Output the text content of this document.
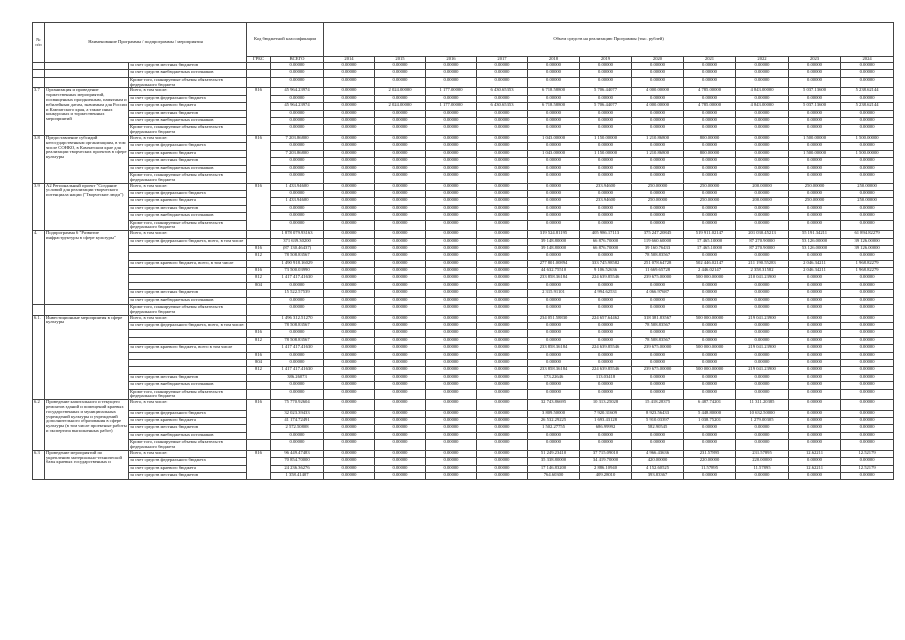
№ п/п	Наименование Программы / подпрограммы / мероприятия		Код бюджетной классификации		Объем средств на реализацию Программы (тыс. рублей)										
			ГРБС	ВСЕГО	2014	2015	2016	2017	2018	2019	2020	2021	2022	2023	2024
		за счет средств местных бюджетов		0.00000	0.00000	0.00000	0.00000	0.00000	0.00000	0.00000	0.00000	0.00000	0.00000	0.00000	0.00000
		за счет средств внебюджетных источников		0.00000	0.00000	0.00000	0.00000	0.00000	0.00000	0.00000	0.00000	0.00000	0.00000	0.00000	0.00000
		Кроме того, планируемые объемы обязательств федерального бюджета		0.00000	0.00000	0.00000	0.00000	0.00000	0.00000	0.00000	0.00000	0.00000	0.00000	0.00000	0.00000
3.7	Организация и проведение торжественных мероприятий, посвященных праздничным, памятным и юбилейным датам, значимым для России и Камчатского края, а также иных конкурсных и торжественных мероприятий	Всего, в том числе:	816	45 964.23974	0.00000	2 024.00000	1 177.00000	6 430.65353	6 718.58800	5 706.44077	4 000.00000	4 785.00000	4 843.00000	5 037.13600	5 238.62144
		за счет средств федерального бюджета		0.00000	0.00000	0.00000	0.00000	0.00000	0.00000	0.00000	0.00000	0.00000	0.00000	0.00000	0.00000
		за счет средств краевого бюджета		45 964.23974	0.00000	2 024.00000	1 177.00000	6 430.65353	6 718.58800	5 706.44077	4 000.00000	4 785.00000	4 843.00000	5 037.13600	5 238.62144
		за счет средств местных бюджетов		0.00000	0.00000	0.00000	0.00000	0.00000	0.00000	0.00000	0.00000	0.00000	0.00000	0.00000	0.00000
		за счет средств внебюджетных источников		0.00000	0.00000	0.00000	0.00000	0.00000	0.00000	0.00000	0.00000	0.00000	0.00000	0.00000	0.00000
		Кроме того, планируемые объемы обязательств федерального бюджета		0.00000	0.00000	0.00000	0.00000	0.00000	0.00000	0.00000	0.00000	0.00000	0.00000	0.00000	0.00000
3.8	Предоставление субсидий негосударственным организациям, в том числе СОНКО, в Камчатском крае для реализации творческих проектов в сфере культуры	Всего, в том числе:	816	7 203.86800	0.00000	0.00000	0.00000	0.00000	1 043.00000	1 150.00000	1 210.86800	800.00000	0.00000	1 500.00000	1 500.00000
		за счет средств федерального бюджета		0.00000	0.00000	0.00000	0.00000	0.00000	0.00000	0.00000	0.00000	0.00000	0.00000	0.00000	0.00000
		за счет средств краевого бюджета		7 203.86800	0.00000	0.00000	0.00000	0.00000	1 043.00000	1 150.00000	1 210.86800	800.00000	0.00000	1 500.00000	1 500.00000
		за счет средств местных бюджетов		0.00000	0.00000	0.00000	0.00000	0.00000	0.00000	0.00000	0.00000	0.00000	0.00000	0.00000	0.00000
		за счет средств внебюджетных источников		0.00000	0.00000	0.00000	0.00000	0.00000	0.00000	0.00000	0.00000	0.00000	0.00000	0.00000	0.00000
		Кроме того, планируемые объемы обязательств федерального бюджета		0.00000	0.00000	0.00000	0.00000	0.00000	0.00000	0.00000	0.00000	0.00000	0.00000	0.00000	0.00000
3.9	А2 Региональный проект "Создание условий для реализации творческого потенциала нации ("Творческие люди")	Всего, в том числе:	816	1 433.94600	0.00000	0.00000	0.00000	0.00000	0.00000	233.94600	250.00000	250.00000	200.00000	250.00000	250.00000
		за счет средств федерального бюджета		0.00000	0.00000	0.00000	0.00000	0.00000	0.00000	0.00000	0.00000	0.00000	0.00000	0.00000	0.00000
		за счет средств краевого бюджета		1 433.94600	0.00000	0.00000	0.00000	0.00000	0.00000	233.94600	250.00000	250.00000	200.00000	250.00000	250.00000
		за счет средств местных бюджетов		0.00000	0.00000	0.00000	0.00000	0.00000	0.00000	0.00000	0.00000	0.00000	0.00000	0.00000	0.00000
		за счет средств внебюджетных источников		0.00000	0.00000	0.00000	0.00000	0.00000	0.00000	0.00000	0.00000	0.00000	0.00000	0.00000	0.00000
		Кроме того, планируемые объемы обязательств федерального бюджета		0.00000	0.00000	0.00000	0.00000	0.00000	0.00000	0.00000	0.00000	0.00000	0.00000	0.00000	0.00000
4.	Подпрограмма 6 "Развитие инфраструктуры в сфере культуры"	Всего, в том числе:		1 878 079.93163	0.00000	0.00000	0.00000	0.00000	319 524.81195	405 986.17113	375 247.20845	519 911.02147	201 030.45213	55 191.34211	61 894.82279
		за счет средств федерального бюджета, всего, в том числе		371 639.30200	0.00000	0.00000	0.00000	0.00000	39 148.80000	66 876.70000	119 660.60000	17 465.10000	87 270.90000	53 126.00000	39 126.00000
			816	(87 130.46437)	0.00000	0.00000	0.00000	0.00000	39 148.80000	66 876.70000	39 160.76433	17 465.10000	87 270.90000	53 126.00000	39 126.00000
			812	78 508.83567	0.00000	0.00000	0.00000	0.00000	0.00000	0.00000	78 508.83567	0.00000	0.00000	0.00000	0.00000
		за счет средств краевого бюджета, всего, в том числе		1 490 918.16029	0.00000	0.00000	0.00000	0.00000	277 801.00894	333 745.98582	251 078.64728	502 446.02147	211 190.55283	2 046.34211	1 968.82279
			816	73 500.03990	0.00000	0.00000	0.00000	0.00000	44 632.75510	9 106.52636	11 669.65728	2 446.02147	2 358.31582	2 046.34211	1 968.82279
			812	1 417 417.41630	0.00000	0.00000	0.00000	0.00000	233 858.36184	224 639.85546	239 675.00000	500 000.00000	210 041.23900	0.00000	0.00000
			804	0.00000	0.00000	0.00000	0.00000	0.00000	0.00000	0.00000	0.00000	0.00000	0.00000	0.00000	0.00000
		за счет средств местных бюджетов		15 522.57539	0.00000	0.00000	0.00000	0.00000	2 315.91101	4 994.62531	4 066.97687	0.00000	0.00000	0.00000	0.00000
		за счет средств внебюджетных источников		0.00000	0.00000	0.00000	0.00000	0.00000	0.00000	0.00000	0.00000	0.00000	0.00000	0.00000	0.00000
		Кроме того, планируемые объемы обязательств федерального бюджета		0.00000	0.00000	0.00000	0.00000	0.00000	0.00000	0.00000	0.00000	0.00000	0.00000	0.00000	0.00000
6.1.	Инвестиционные мероприятия в сфере культуры	Всего, в том числе:		1 496 312.51270	0.00000	0.00000	0.00000	0.00000	234 051.58830	224 657.64462	318 381.83567	500 000.00000	219 041.23900	0.00000	0.00000
		за счет средств федерального бюджета, всего, в том числе:		78 508.83567	0.00000	0.00000	0.00000	0.00000	0.00000	0.00000	78 508.83567	0.00000	0.00000	0.00000	0.00000
			816	0.00000	0.00000	0.00000	0.00000	0.00000	0.00000	0.00000	0.00000	0.00000	0.00000	0.00000	0.00000
			812	78 508.83567	0.00000	0.00000	0.00000	0.00000	0.00000	0.00000	78 508.83567	0.00000	0.00000	0.00000	0.00000
		за счет средств краевого бюджета, всего в том числе		1 417 417.41630	0.00000	0.00000	0.00000	0.00000	233 858.36184	224 639.85546	239 675.00000	500 000.00000	219 041.23900	0.00000	0.00000
			816	0.00000	0.00000	0.00000	0.00000	0.00000	0.00000	0.00000	0.00000	0.00000	0.00000	0.00000	0.00000
			804	0.00000	0.00000	0.00000	0.00000	0.00000	0.00000	0.00000	0.00000	0.00000	0.00000	0.00000	0.00000
			812	1 417 417.41630	0.00000	0.00000	0.00000	0.00000	233 858.36184	224 639.85546	239 675.00000	500 000.00000	219 041.23900	0.00000	0.00000
		за счет средств местных бюджетов		386.26073	0.00000	0.00000	0.00000	0.00000	173.22646	113.03418	0.00000	0.00000	0.00000	0.00000	0.00000
		за счет средств внебюджетных источников		0.00000	0.00000	0.00000	0.00000	0.00000	0.00000	0.00000	0.00000	0.00000	0.00000	0.00000	0.00000
		Кроме того, планируемые объемы обязательств федерального бюджета		0.00000	0.00000	0.00000	0.00000	0.00000	0.00000	0.00000	0.00000	0.00000	0.00000	0.00000	0.00000
6.2	Проведение капитального и текущего ремонтов зданий и помещений краевых государственных и муниципальных учреждений культуры и учреждений дополнительного образования в сфере культуры (в том числе проектные работы и экспертиза выполненных работ)	Всего, в том числе:	816	75 770.92604	0.00000	0.00000	0.00000	0.00000	32 743.86695	10 313.25028	15 418.28375	6 487.74201	11 311.20385	0.00000	0.00000
		за счет средств федерального бюджета		32 023.39433	0.00000	0.00000	0.00000	0.00000	3 809.50000	7 920.31609	8 923.56433	5 448.80000	10 632.50000	0.00000	0.00000
		за счет средств краевого бюджета		41 174.72491	0.00000	0.00000	0.00000	0.00000	26 532.29225	1 693.43128	5 910.03397	1 038.75201	1 279.00305	0.00000	0.00000
		за счет средств местных бюджетов		2 572.50808	0.00000	0.00000	0.00000	0.00000	1 502.27755	686.99992	582.90545	0.00000	0.00000	0.00000	0.00000
		за счет средств внебюджетных источников		0.00000	0.00000	0.00000	0.00000	0.00000	0.00000	0.00000	0.00000	0.00000	0.00000	0.00000	0.00000
		Кроме того, планируемые объемы обязательств федерального бюджета		0.00000	0.00000	0.00000	0.00000	0.00000	0.00000	0.00000	0.00000	0.00000	0.00000	0.00000	0.00000
6.3	Проведение мероприятий по укреплению материально-технической базы краевых государственных и	Всего, в том числе:	816	96 449.47483	0.00000	0.00000	0.00000	0.00000	51 249.23410	37 715.09010	4 966.43636	231.57895	231.57895	12.62211	12.52179
		за счет средств федерального бюджета		70 854.70000	0.00000	0.00000	0.00000	0.00000	35 338.80000	34 419.70000	420.00000	220.00000	220.00000	0.00000	0.00000
		за счет средств краевого бюджета		24 236.36276	0.00000	0.00000	0.00000	0.00000	17 146.83200	2 886.10940	4 152.60525	11.57895	11.57895	12.62211	12.52179
		за счет средств местных бюджетов		1 358.41407	0.00000	0.00000	0.00000	0.00000	764.60300	409.28010	393.83367	0.00000	0.00000	0.00000	0.00000
